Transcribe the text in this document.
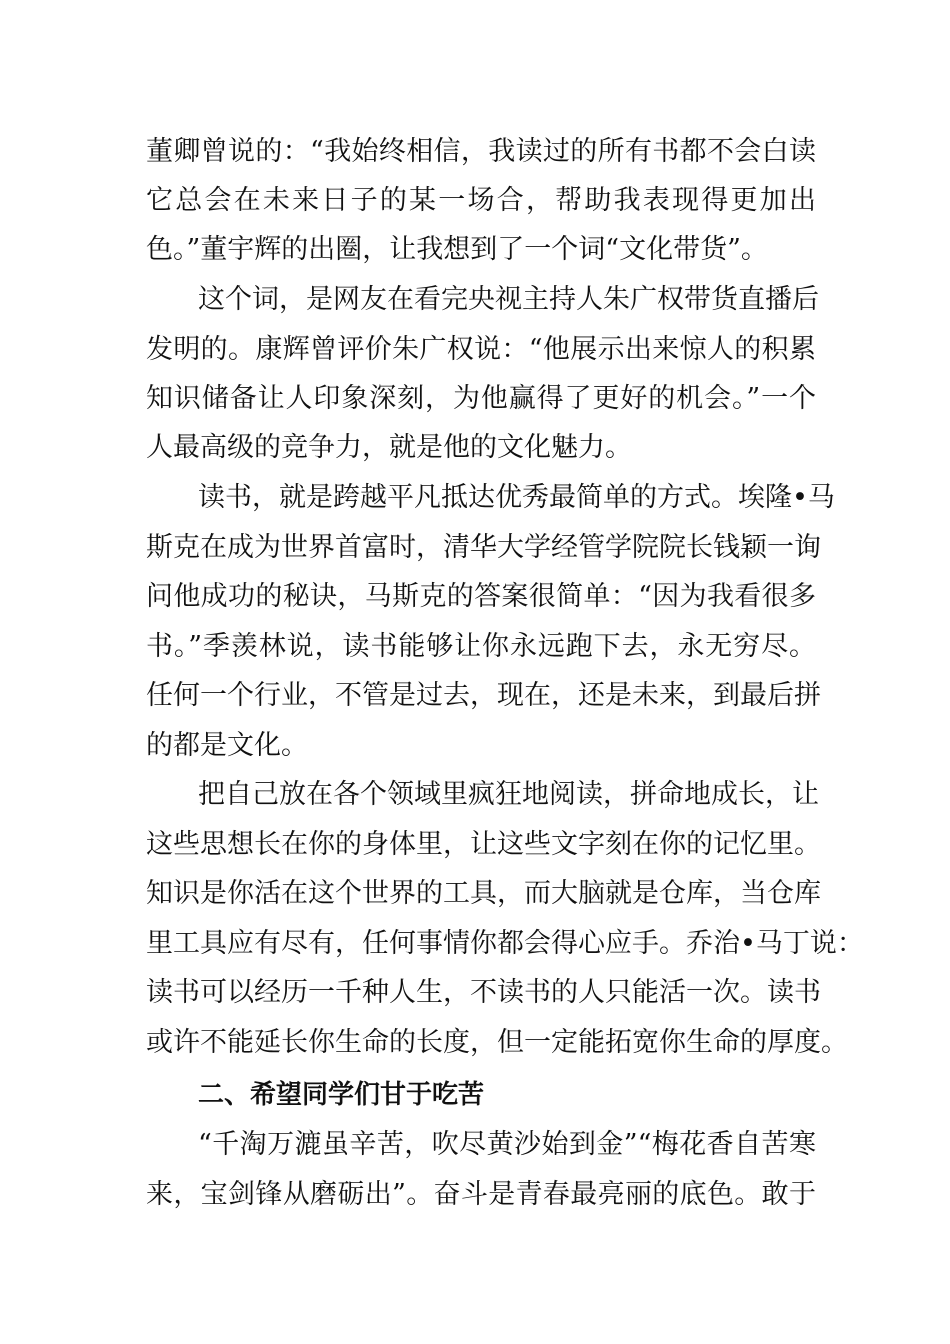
董卿曾说的：“我始终相信，我读过的所有书都不会白读
它总会在未来日子的某一场合，帮助我表现得更加出
色。”董宇辉的出圈，让我想到了一个词“文化带货”。
这个词，是网友在看完央视主持人朱广权带货直播后
发明的。康辉曾评价朱广权说：“他展示出来惊人的积累
知识储备让人印象深刻，为他赢得了更好的机会。”一个
人最高级的竞争力，就是他的文化魅力。
读书，就是跨越平凡抵达优秀最简单的方式。埃隆•马
斯克在成为世界首富时，清华大学经管学院院长钱颖一询
问他成功的秘诀，马斯克的答案很简单：“因为我看很多
书。”季羡林说，读书能够让你永远跑下去，永无穷尽。
任何一个行业，不管是过去，现在，还是未来，到最后拼
的都是文化。
把自己放在各个领域里疯狂地阅读，拼命地成长，让
这些思想长在你的身体里，让这些文字刻在你的记忆里。
知识是你活在这个世界的工具，而大脑就是仓库，当仓库
里工具应有尽有，任何事情你都会得心应手。乔治•马丁说：
读书可以经历一千种人生，不读书的人只能活一次。读书
或许不能延长你生命的长度，但一定能拓宽你生命的厚度。
二、希望同学们甘于吃苦
“千淘万漉虽辛苦，吹尽黄沙始到金”“梅花香自苦寒
来，宝剑锋从磨砺出”。奋斗是青春最亮丽的底色。敢于
